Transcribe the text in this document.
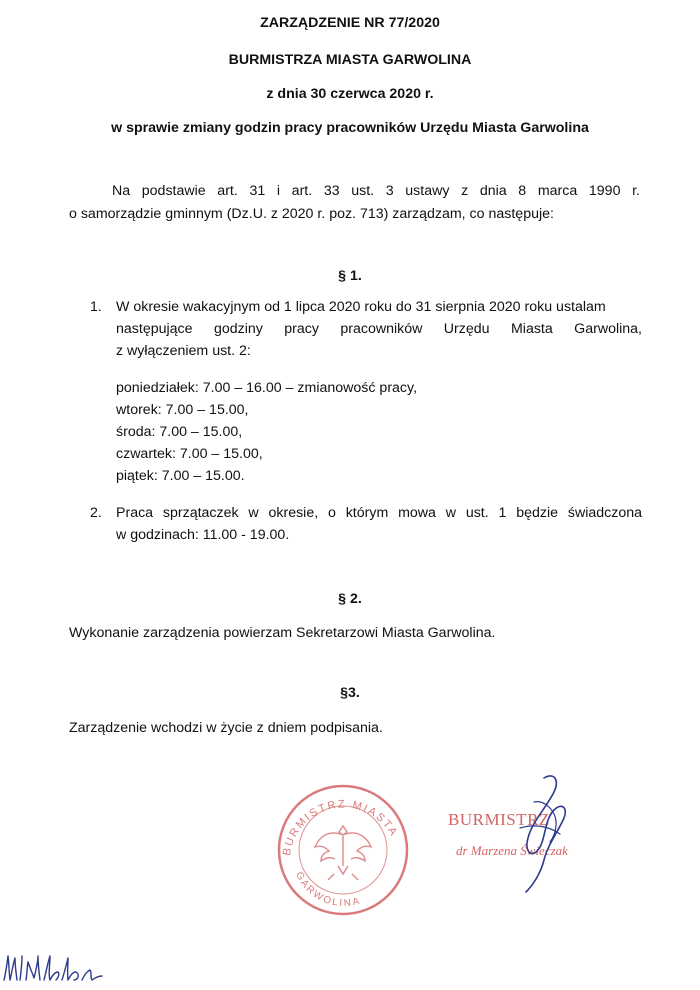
ZARZĄDZENIE NR 77/2020
BURMISTRZA MIASTA GARWOLINA
z dnia 30 czerwca 2020 r.
w sprawie zmiany godzin pracy pracowników Urzędu Miasta Garwolina
Na podstawie art. 31 i art. 33 ust. 3 ustawy z dnia 8 marca 1990 r.
o samorządzie gminnym (Dz.U. z 2020 r. poz. 713) zarządzam, co następuje:
§ 1.
1. W okresie wakacyjnym od 1 lipca 2020 roku do 31 sierpnia 2020 roku ustalam
następujące godziny pracy pracowników Urzędu Miasta Garwolina,
z wyłączeniem ust. 2:
poniedziałek: 7.00 – 16.00 – zmianowość pracy,
wtorek: 7.00 – 15.00,
środa: 7.00 – 15.00,
czwartek: 7.00 – 15.00,
piątek: 7.00 – 15.00.
2. Praca sprzątaczek w okresie, o którym mowa w ust. 1 będzie świadczona
w godzinach: 11.00 - 19.00.
§ 2.
Wykonanie zarządzenia powierzam Sekretarzowi Miasta Garwolina.
§3.
Zarządzenie wchodzi w życie z dniem podpisania.
BURMISTRZ MIASTA
GARWOLINA
BURMISTRZ
dr Marzena Świeczak
